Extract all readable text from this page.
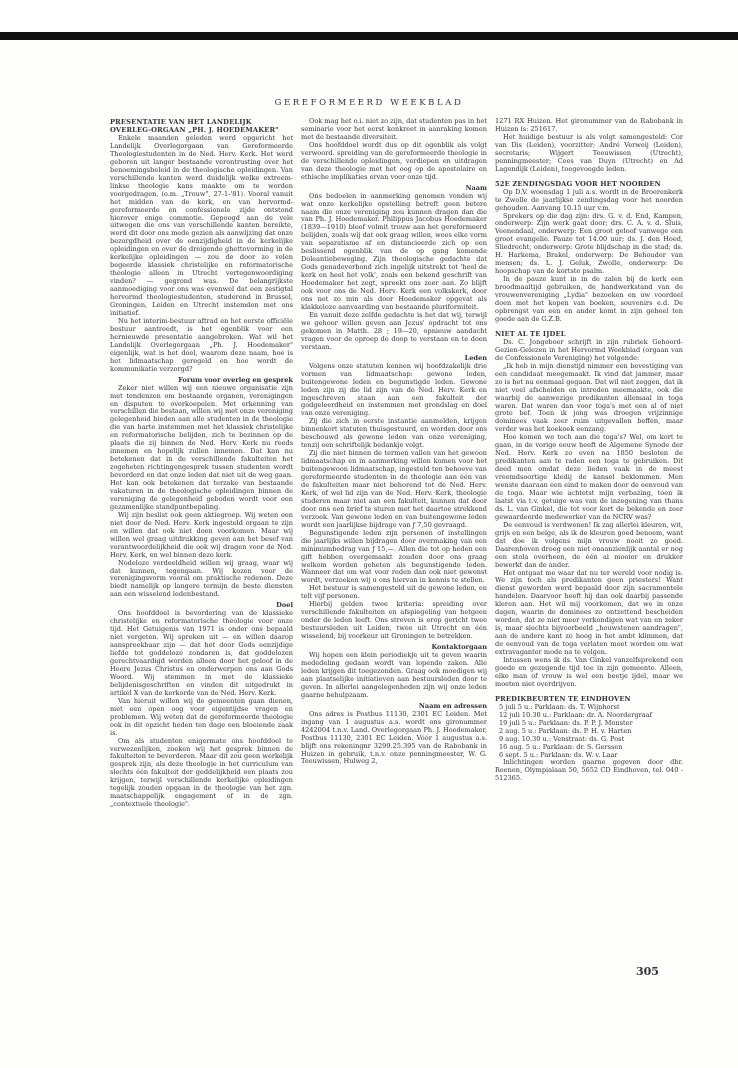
GEREFORMEERD WEEKBLAD
PRESENTATIE VAN HET LANDELIJK OVERLEG-ORGAAN „PH. J. HOEDEMAKER"

Enkele maanden geleden werd opgericht het Landelijk Overlegorgaan van Gereformeerde Theologiestudenten in de Ned. Herv. Kerk. Het werd geboren uit langer bestaande verontrusting over het benoemingsbeleid in de theologische opleidingen. Van verschillende kanten werd duidelijk welke extreem-linkse theologie kans maakte om te worden voorgedragen, (o.m. „Trouw", 27-1-'81). Vooral vanuit het midden van de kerk, en van hervormd-gereformeerde en confessionele zijde ontstond hierover enige commotie. Gepoogd aan de vele uitwegen die ons van verschillende kanten bereikte, werd dit door ons mede gezien als aanwijzing dat onze bezorgdheid over de eenzijdigheid in de kerkelijke opleidingen en over de dreigende ghettovorming in de kerkelijke opleidingen — zou de door zo velen begeerde klassiek christelijke en reformatorische theologie alleen in Utrecht vertegenwoordiging vinden? — gegrond was. De belangrijkste aanmoediging voor ons was evenwel dat een zestigtal hervormd theologiestudenten, studerend in Brussel, Groningen, Leiden en Utrecht instemden met ons initiatief.

Nu het interim-bestuur aftrad en het eerste officiële bestuur aantreedt, is het ogenblik voor een hernieuwde presentatie aangebroken. Wat wil het Landelijk Overlegorgaan „Ph. J. Hoedemaker" eigenlijk, wat is het doel, waarom deze naam, hoe is het lidmaatschap geregeld en hoe wordt de kommunikatie verzorgd?

Forum voor overleg en gesprek

Zeker niet willen wij een nieuwe organisatie zijn met tendenzen om bestaande organen, verenigingen en disputen te overkoepelen. Met erkenning van verschillen die bestaan, willen wij met onze vereniging gelegenheid bieden aan alle studenten in de theologie die van harte instemmen met het klassiek christelijke en reformatorische belijden, zich te bezinnen op de plaats die zij binnen de Ned. Herv. Kerk nu reeds innemen en hopelijk zullen innemen. Dat kan nu betekenen dat in de verschillende fakulteiten het zogeheten richtingengesprek tussen studenten wordt bevorderd en dat onze leden dat niet uit de weg gaan. Het kan ook betekenen dat terzake van bestaande vakaturen in de theologische opleidingen binnen de vereniging de gelegenheid geboden wordt voor een gezamenlijke standpuntbepaling.

Wij zijn beslist ook geen aktiegroep. Wij weten een niet door de Ned. Herv. Kerk ingesteld orgaan te zijn en willen dat ook niet doen voorkomen. Maar wij willen wel graag uitdrukking geven aan het besef van verantwoordelijkheid die ook wij dragen voor de Ned. Herv. Kerk, en wel binnen deze kerk.

Nodeloze verdeeldheid willen wij graag, waar wij dat kunnen, tegengaan. Wij kozen voor de verenigingsvorm vooral om praktische redenen. Deze biedt namelijk op langere termijn de beste diensten aan een wisselend ledenbestand.

Doel

Ons hoofddoel is bevordering van de klassieke christelijke en reformatorische theologie voor onze tijd. Het Getuigenis van 1971 is onder ons bepaald niet vergeten. Wij spreken uit — en willen daarop aanspreekbaar zijn — dat het door Gods eenzijdige liefde tot goddeloze zondaren is, dat goddelozen gerechtvaardigd worden alleen door het geloof in de Heere Jezus Christus en onderwerpen ons aan Gods Woord. Wij stemmen in met de klassieke belijdenisgeschriften en vinden dit uitgedrukt in artikel X van de kerkorde van de Ned. Herv. Kerk.

Van hieruit willen wij de gemeenten gaan dienen, met een open oog voor eigentijdse vragen en problemen. Wij weten dat de gereformeerde theologie ook in dit opzicht heden ten dage een bloeiende zaak is.

Om als studenten enigermate ons hoofddoel te verwezenlijken, zoeken wij het gesprek binnen de fakulteiten te bevorderen. Maar dit zou geen werkelijk gesprek zijn, als deze theologie in het curriculum van slechts één fakulteit der geddelijkheid een plaats zou krijgen, terwijl verschillende kerkelijke opleidingen tegelijk zouden opgaan in de theologie van het zgn. maatschappelijk engagement of in de zgn. „contextuele theologie".

Ook mag het o.i. niet zo zijn, dat studenten pas in het seminarie voor het eerst konkreet in aanraking komen met de bestaande diversiteit.

Ons hoofddoel wordt dus op dit ogenblik als volgt verwoord. spreiding van de gereformeerde theologie in de verschillende opleidingen, verdiepen en uitdragen van deze theologie met het oog op de apostolaire en ethische implikaties ervan voor onze tijd.

Naam

Ons bedoelen in aanmerking genomen vonden wij wat onze kerkelijke opstelling betreft geen betere naam die onze vereniging zou kunnen dragen dan die van Ph. J. Hoedemaker. Philippus Jacobus Hoedemaker (1839—1910) bleef volmit trouw aan het gereformeerd belijden, zoals wij dat ook graag willen, wees elke vorm van separatisme af en distancieerde zich op een beslissend ogenblik van de op gang komende Doleantiebeweging. Zijn theologische gedachte dat Gods genadeverbond zich ingelijk uitstrekt tot 'heel de kerk en heel het volk', zoals een bekend geschrift van Hoedemaker het zegt, spreekt ons zeer aan. Zo blijft ook voor ons de Ned. Herv. Kerk een volkskerk, door ons net zo min als door Hoedemaker opgevat als klakkeloze aanvaarding van bestaande pluriformiteit.

En vanuit deze zelfde gedachte is het dat wij, terwijl we gehoor willen geven aan Jezus' opdracht tot ons gekomen in Matth. 28 ; 19—20, opnieuw aandacht vragen voor de oproep de doop te verstaan en te doen verstaan.

Leden

Volgens onze statuten kennen wij hoofdzakelijk drie vormen van lidmaatschap: gewone leden, buitengewone leden en begunstigde leden. Gewone leden zijn zij die lid zijn van de Ned. Herv. Kerk en ingeschreven staan aan een fakulteit der godgeleerdheid en instemmen met grondslag en doel van onze vereniging.

Zij die zich in eerste instantie aanmelden, krijgen binnenkort statuten thuisgestuurd, en worden door ons beschouwd als gewone leden van onze vereniging, tenzij een schriftelijk bedankje volgt.

Zij die niet binnen de termen vallen van het gewoon lidmaatschap en in aanmerking willen komen voor het buitengewoon lidmaatschap, ingesteld ten behoeve van gereformeerde studenten in de theologie aan één van de fakulteiten maar niet behorend tot de Ned. Herv. Kerk, of wel lid zijn van de Ned. Herv. Kerk, theologie studeren maar niet aan een fakulteit, kunnen dat door door ons een brief te sturen met het daartoe strekkend verzoek. Van gewone leden en van buitengewone leden wordt een jaarlijkse bijdrage van ƒ 7,50 gevraagd.

Begunstigende leden zijn personen of instellingen die jaarlijks willen bijdragen door overmaking van een minimumbedrag van ƒ 15,—. Allen die tot op heden een gift hebben overgemaakt zouden door ons graag welkom worden geheten als begunstigende leden. Wanneer dat om wat voor reden dan ook niet gewenst wordt, verzoeken wij u ons hiervan in kennis te stellen.

Het bestuur is samengesteld uit de gewone leden, en telt vijf personen.

Hierbij gelden twee kriteria: spreiding over verschillende fakulteiten en afspiegeling van hetgeen onder de leden leeft. Ons streven is erop gericht twee bestuursleden uit Leiden, twee uit Utrecht en één wisselend, bij voorkeur uit Groningen te betrekken.

Kontaktorgaan

Wij hopen een klein periodiekje uit te geven waarin mededeling gedaan wordt van lopende zaken. Alle leden krijgen dit toegezonden. Graag ook moedigen wij aan plaatselijke initiatieven aan bestuursleden door te geven. In allerlei aangelegenheden zijn wij onze leden gaarne behulpzaam.

Naam en adressen

Ons adres is Postbus 11130, 2301 EC Leiden. Met ingang van 1 augustus a.s. wordt ons gironummer 4242004 t.n.v. Land. Overlegorgaan Ph. J. Hoedemaker, Postbus 11130, 2301 EC Leiden. Vóór 1 augustus a.s. blijft ons rekeningnr 3299.25.395 van de Rabobank in Huizen in gebruik, t.n.v. onze penningmeester, W. G. Teeuwissen, Hulweg 2,

1271 RX Huizen. Het gironummer van de Rabobank in Huizen is: 251617.

Het huidige bestuur is als volgt samengesteld: Cor van Dis (Leiden), voorzitter; André Verweij (Leiden), secretaris; Wijgert Teeuwissen (Utrecht), penningmeester; Cees van Duyn (Utrecht) en Ad Lagendijk (Leiden), toegevoegde leden.

52E ZENDINGSDAG VOOR HET NOORDEN

Op D.V. woensdag 1 juli a.s. wordt in de Broerenkerk te Zwolle de jaarlijkse zendingsdag voor het noorden gehouden. Aanvang 10.15 uur v.m.

Sprekers op die dag zijn: drs. G. v. d. End, Kampen, onderwerp: Zijn werk gaat door; drs. C. A. v. d. Sluis, Veenendaal, onderwerp: Een groot geloof vanwege een groot evangelie. Pauze tot 14.00 uur; ds. J. den Hoed, Sliedrecht, onderwerp: Grote blijdschap in die stad; ds. H. Harkema, Brakel, onderwerp: De Behouder van mensen; ds. L. J. Geluk, Zwolle, onderwerp: De hoopschap van de kortste psalm.

In de pauze kunt in in de zalen bij de kerk een broodmaaltijd gebruiken, de handwerkstand van de vrouwenvereniging „Lydia" bezoeken en uw voordeel doen met het kopen van boeken, souvenirs e.d. De opbrengst van een en ander komt in zijn geheel ten goede aan de G.Z.B.

NIET AL TE IJDEL

Ds. C. Jongeboer schrijft in zijn rubriek Gehoord-Gezien-Gelezen in het Hervormd Weekblad (orgaan van de Confessionele Vereniging) het volgende:

„Ik heb in mijn dienstijd nimmer een bevestiging van een candidaat meegemaakt. Ik vind dat jammer, maar zo is het nu eenmaal gegaan. Dat wil niet zeggen, dat ik niet veel afscheiden en intreden meemaakte, ook die waarbij de aanwezige predikanten allemaal in toga waren. Dat waren dan voor toga's met een al of niet grote bef. Toen ik jong was droegen vrijzinnige dominees vaak zeer ruim uitgevallen beffen, maar verder was het koekoek eenzang.

Hoe komen we toch aan die toga's? Wel, om kort te gaan, in de vorige eeuw heeft de Algemene Synode der Ned. Herv. Kerk zo even na 1850 besloten de predikanten aan te raden een toga te gebruiken. Dit deed men omdat deze lieden vaak in de meest vreemdsoortige kledij de kansel beklommen. Men wenste daaraan een eind te maken door de eenvoud van de toga. Maar wie achtetst mijn verbazing, toen ik laatst via t.v. getuige was van de inzegening van thans ds. L. van Ginkel, die tot voor kort de bekende en zeer gewaardeerde medewerker van de NCRV was?

De eenvoud is verdwenen! Ik zag allerlei kleuren, wit, grijs en een beige, als ik de kleuren goed benoem, want dat doe ik volgens mijn vrouw nooit zo goed. Daarenboven droeg een niet onaanzienlijk aantal er nog een stola overheen, de één al mooier en drukker bewerkt dan de ander.

Het ontgaat me waar dat nu ter wereld voor nodig is. We zijn toch als predikanten geen priesters! Want dienst geworden werd bepaald door zijn sacramentele handelen. Daarvoor heeft hij dan ook daarbij passende kleren aan. Het wil mij voorkomen, dat we in onze dagen, waarin de dominees zo ontzettend bescheiden worden, dat ze niet meer verkondigen wat van en zeker is, maar slechts bijvoorbeeld „houwstenen aandragen", aan de andere kant zo hoog in het ambt klimmen, dat de eenvoud van de toga verlaten moet worden om wat extravaganter mode na te volgen.

Intussen wens ik ds. Van Ginkel vanzelfsprekend een goede en gezegende tijd toe in zijn gemeente. Alleen, elke man of vrouw is wel een beetje ijdel, maar we moeten niet overdrijven.

PREDIKBEURTEN TE EINDHOVEN
5 juli 5 u.: Parklaan: ds. T. Wijnhorst
12 juli 10.30 u.: Parklaan: dr. A. Noordergraaf
19 juli 5 u.: Parklaan: ds. P. P. J. Monster
2 aug. 5 u.: Parklaan: ds. P. H. v. Harten
9 aug. 10.30 u.: Venstraat: ds. G. Post
16 aug. 5 u.: Parklaan: dr. S. Gerssen
6 sept. 5 u.: Parklaan: ds. W. v. Laar

Inlichtingen worden gaarne gegeven door dhr. Reenen, Olympialaan 50, 5652 CD Eindhoven, tel. 040 - 512365.

305
